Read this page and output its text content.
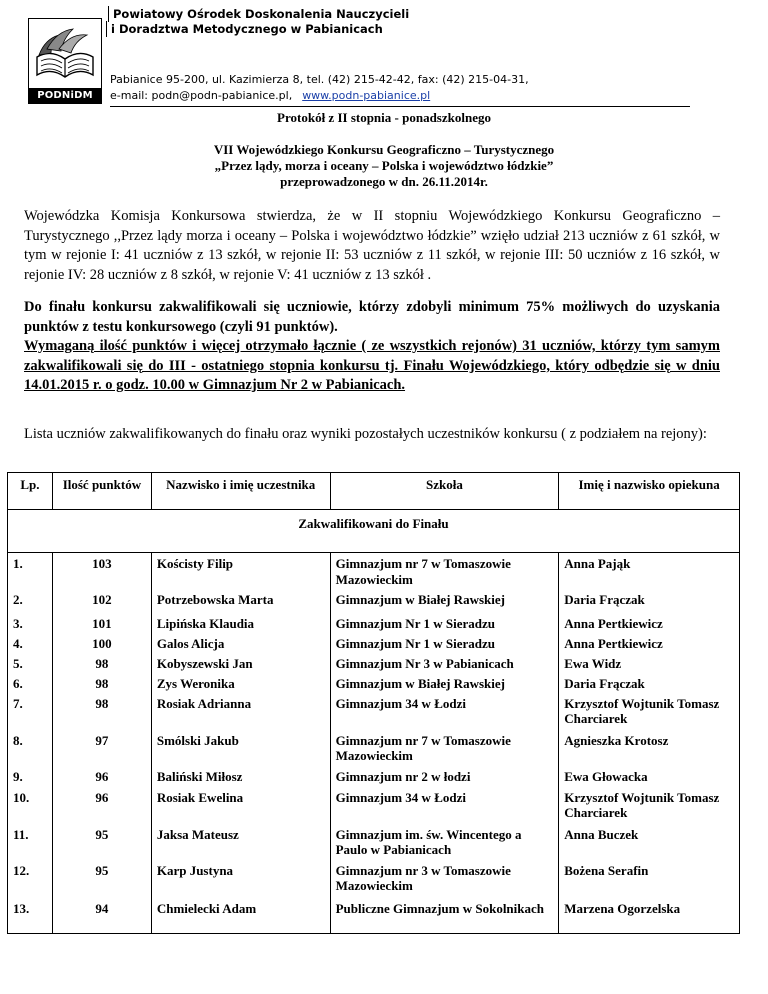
PODNiDM
Powiatowy Ośrodek Doskonalenia Nauczycieli
i Doradztwa Metodycznego w Pabianicach
Pabianice 95-200, ul. Kazimierza 8, tel. (42) 215-42-42, fax: (42) 215-04-31,
e-mail: podn@podn-pabianice.pl, www.podn-pabianice.pl
Protokół z II stopnia - ponadszkolnego
VII Wojewódzkiego Konkursu Geograficzno – Turystycznego
„Przez lądy, morza i oceany – Polska i województwo łódzkie”
przeprowadzonego w dn. 26.11.2014r.
Wojewódzka Komisja Konkursowa stwierdza, że w II stopniu Wojewódzkiego Konkursu Geograficzno – Turystycznego ,,Przez lądy morza i oceany – Polska i województwo łódzkie” wzięło udział 213 uczniów z 61 szkół, w tym w rejonie I: 41 uczniów z 13 szkół, w rejonie II: 53 uczniów z 11 szkół, w rejonie III: 50 uczniów z 16 szkół, w rejonie IV: 28 uczniów z 8 szkół, w rejonie V: 41 uczniów z 13 szkół .
Do finału konkursu zakwalifikowali się uczniowie, którzy zdobyli minimum 75% możliwych do uzyskania punktów z testu konkursowego (czyli 91 punktów).
Wymaganą ilość punktów i więcej otrzymało łącznie ( ze wszystkich rejonów) 31 uczniów, którzy tym samym zakwalifikowali się do III - ostatniego stopnia konkursu tj. Finału Wojewódzkiego, który odbędzie się w dniu 14.01.2015 r. o godz. 10.00 w Gimnazjum Nr 2 w Pabianicach.
Lista uczniów zakwalifikowanych do finału oraz wyniki pozostałych uczestników konkursu ( z podziałem na rejony):
Lp.	Ilość punktów	Nazwisko i imię uczestnika	Szkoła	Imię i nazwisko opiekuna
Zakwalifikowani do Finału				
1.	103	Kościsty Filip	Gimnazjum nr 7 w Tomaszowie Mazowieckim	Anna Pająk
2.	102	Potrzebowska Marta	Gimnazjum w Białej Rawskiej	Daria Frączak
3.	101	Lipińska Klaudia	Gimnazjum Nr 1 w Sieradzu	Anna Pertkiewicz
4.	100	Galos Alicja	Gimnazjum Nr 1 w Sieradzu	Anna Pertkiewicz
5.	98	Kobyszewski Jan	Gimnazjum Nr 3 w Pabianicach	Ewa Widz
6.	98	Zys Weronika	Gimnazjum w Białej Rawskiej	Daria Frączak
7.	98	Rosiak Adrianna	Gimnazjum 34 w Łodzi	Krzysztof Wojtunik Tomasz Charciarek
8.	97	Smólski Jakub	Gimnazjum nr 7 w Tomaszowie Mazowieckim	Agnieszka Krotosz
9.	96	Baliński Miłosz	Gimnazjum nr 2 w łodzi	Ewa Głowacka
10.	96	Rosiak Ewelina	Gimnazjum 34 w Łodzi	Krzysztof Wojtunik Tomasz Charciarek
11.	95	Jaksa Mateusz	Gimnazjum im. św. Wincentego a Paulo w Pabianicach	Anna Buczek
12.	95	Karp Justyna	Gimnazjum nr 3 w Tomaszowie Mazowieckim	Bożena Serafin
13.	94	Chmielecki Adam	Publiczne Gimnazjum w Sokolnikach	Marzena Ogorzelska
